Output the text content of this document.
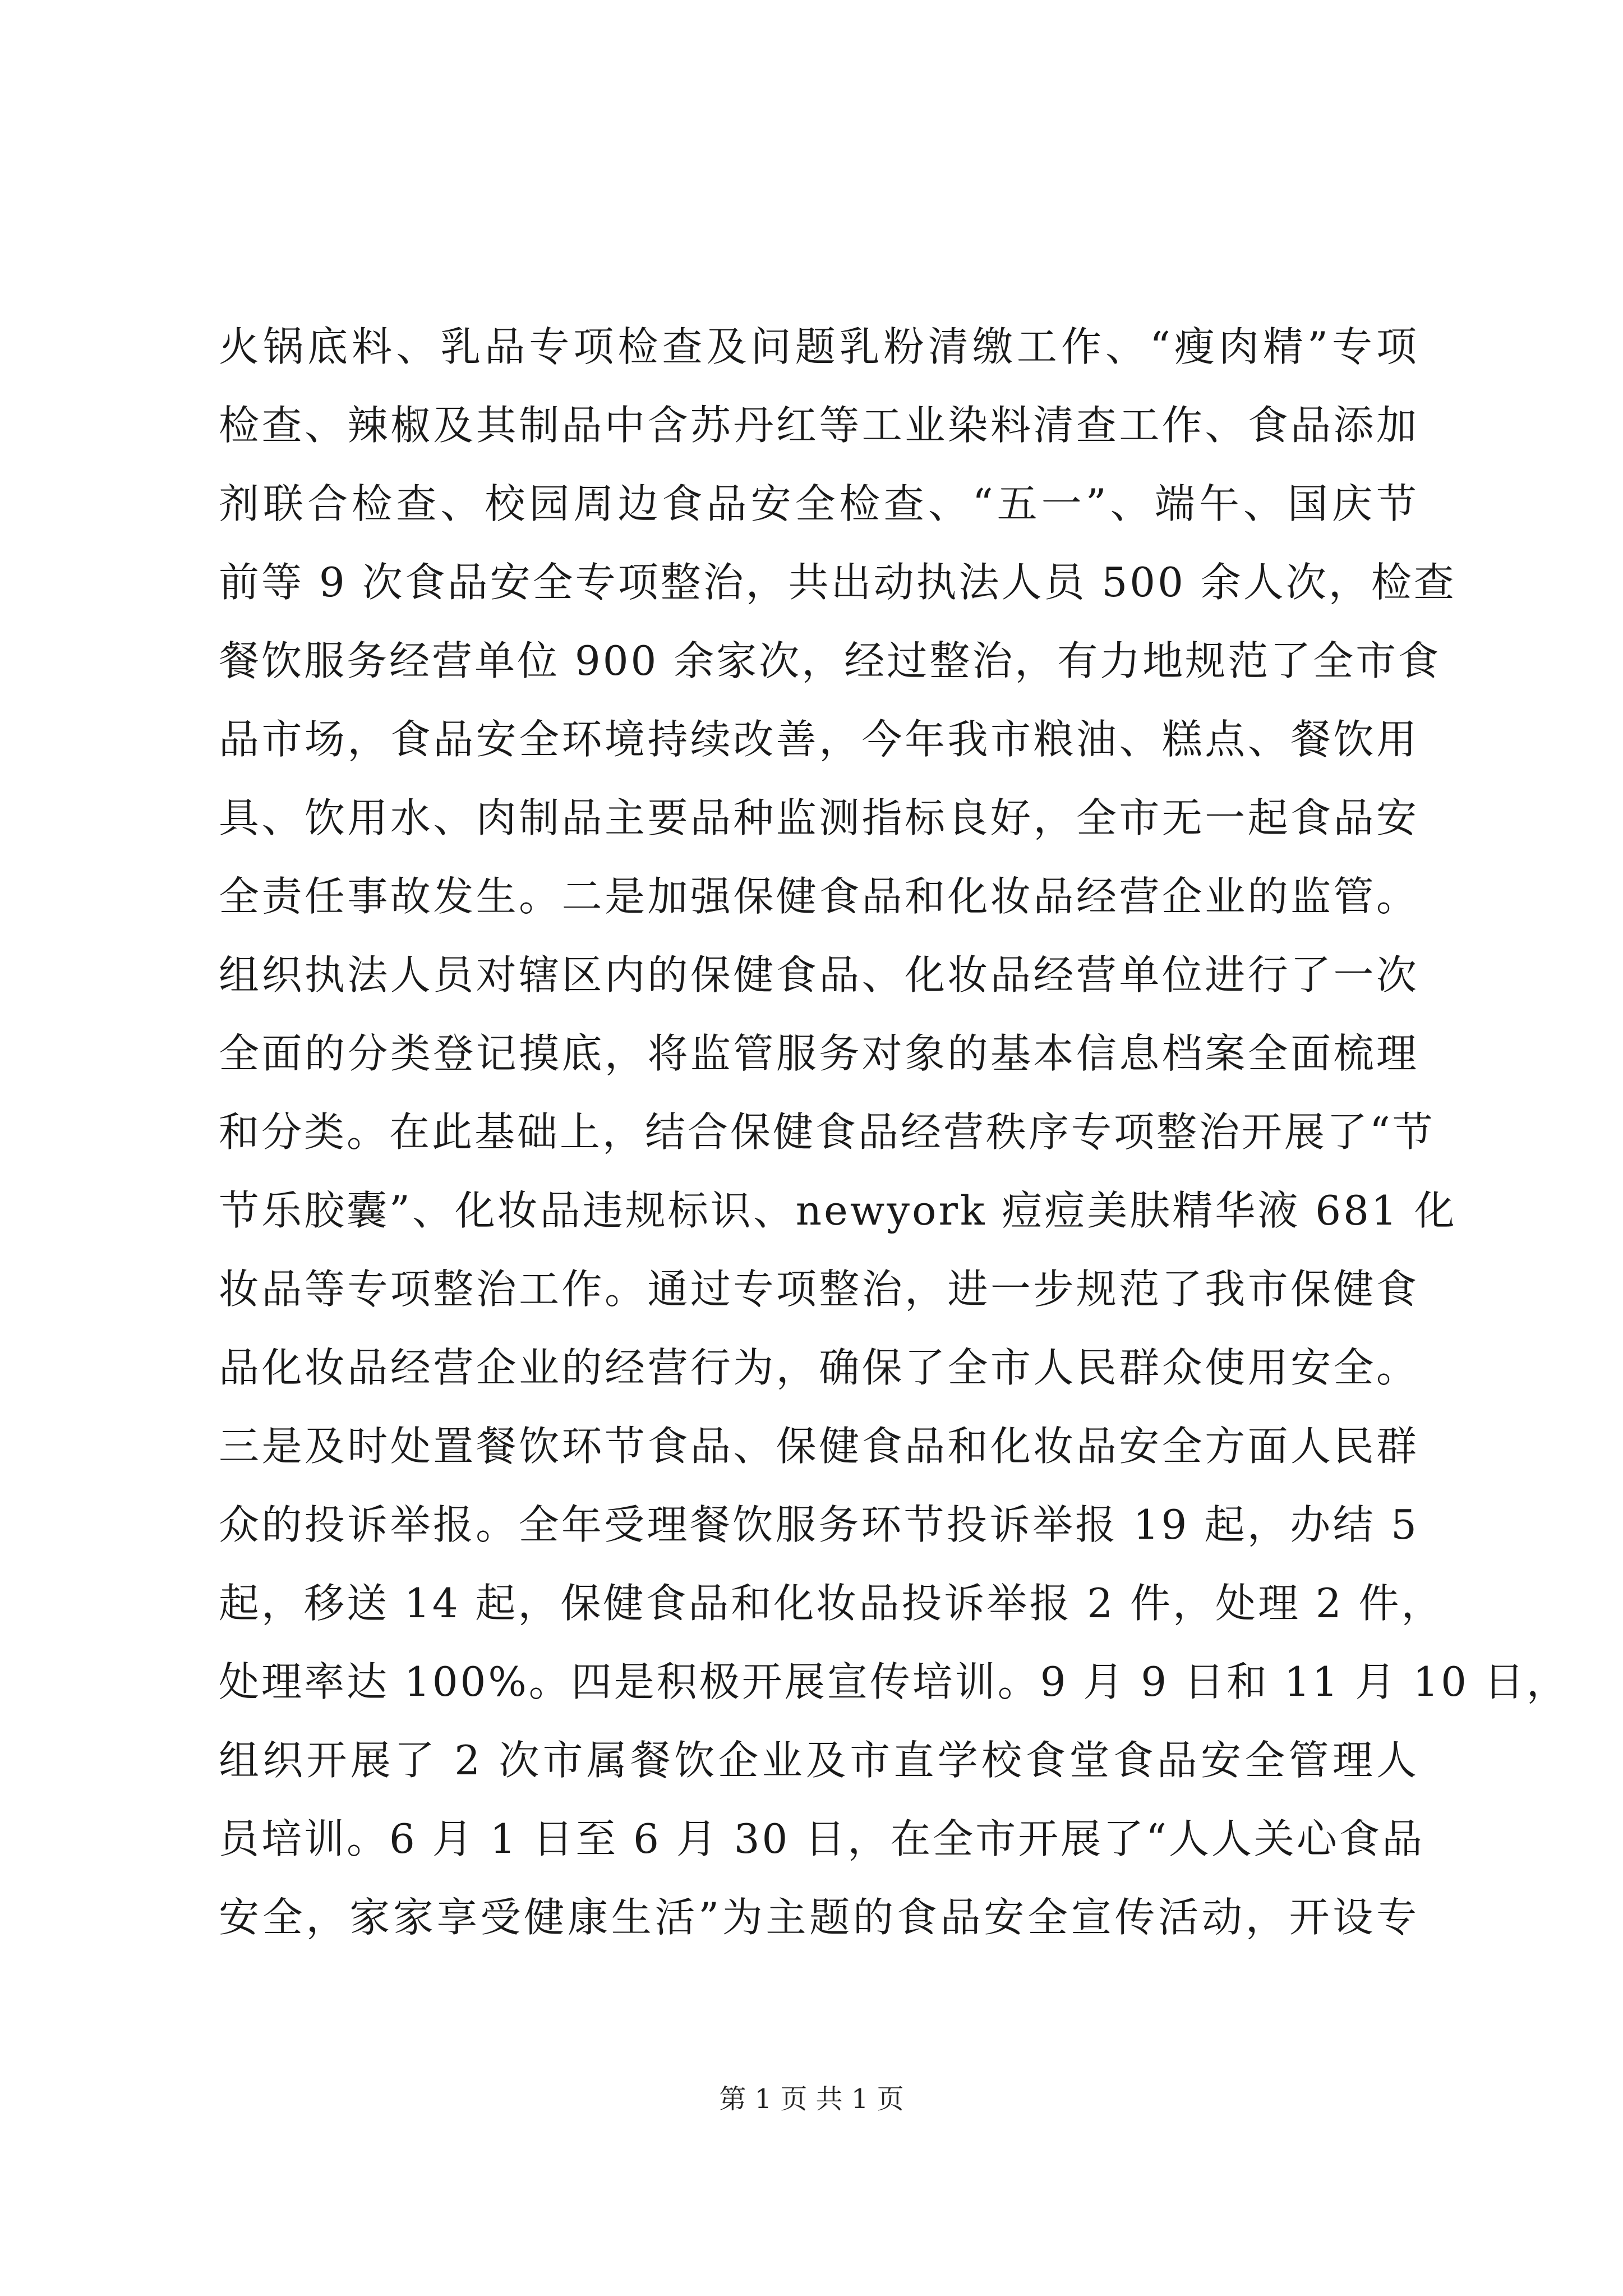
火锅底料、乳品专项检查及问题乳粉清缴工作、“瘦肉精”专项
检查、辣椒及其制品中含苏丹红等工业染料清查工作、食品添加
剂联合检查、校园周边食品安全检查、“五一”、端午、国庆节
前等 9 次食品安全专项整治，共出动执法人员 500 余人次，检查
餐饮服务经营单位 900 余家次，经过整治，有力地规范了全市食
品市场，食品安全环境持续改善，今年我市粮油、糕点、餐饮用
具、饮用水、肉制品主要品种监测指标良好，全市无一起食品安
全责任事故发生。二是加强保健食品和化妆品经营企业的监管。
组织执法人员对辖区内的保健食品、化妆品经营单位进行了一次
全面的分类登记摸底，将监管服务对象的基本信息档案全面梳理
和分类。在此基础上，结合保健食品经营秩序专项整治开展了“节
节乐胶囊”、化妆品违规标识、newyork 痘痘美肤精华液 681 化
妆品等专项整治工作。通过专项整治，进一步规范了我市保健食
品化妆品经营企业的经营行为，确保了全市人民群众使用安全。
三是及时处置餐饮环节食品、保健食品和化妆品安全方面人民群
众的投诉举报。全年受理餐饮服务环节投诉举报 19 起，办结 5
起，移送 14 起，保健食品和化妆品投诉举报 2 件，处理 2 件，
处理率达 100%。四是积极开展宣传培训。9 月 9 日和 11 月 10 日，
组织开展了 2 次市属餐饮企业及市直学校食堂食品安全管理人
员培训。6 月 1 日至 6 月 30 日，在全市开展了“人人关心食品
安全，家家享受健康生活”为主题的食品安全宣传活动，开设专
第 1 页 共 1 页
